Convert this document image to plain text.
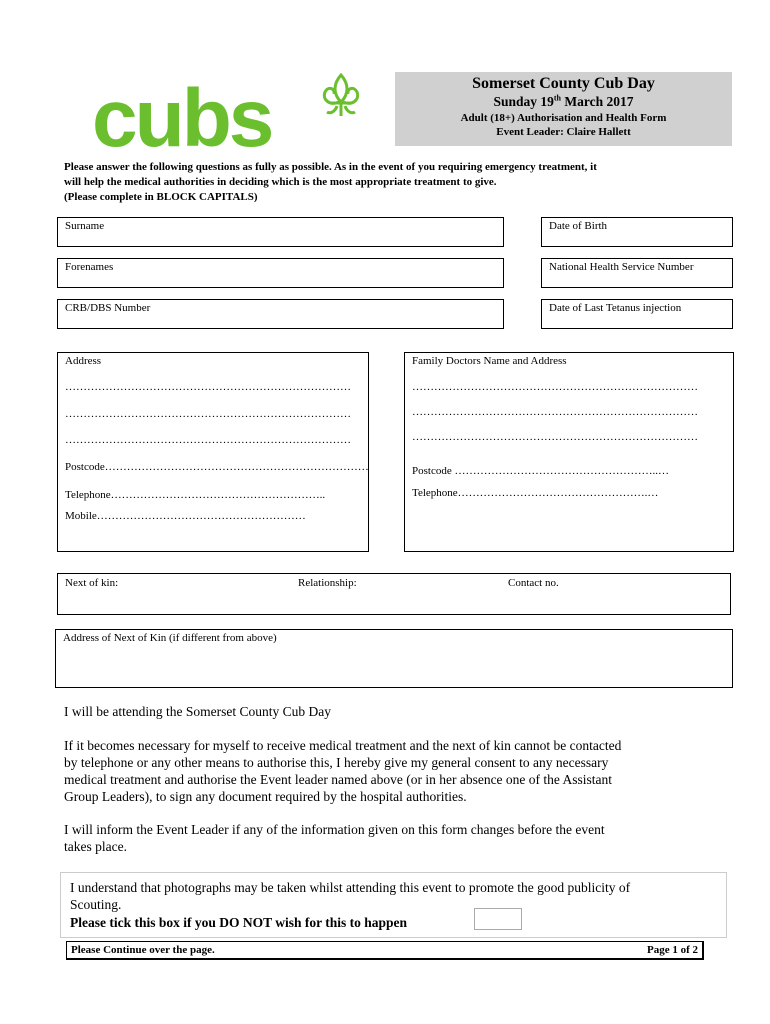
cubs	Somerset County Cub Day
Sunday 19th March 2017
Adult (18+) Authorisation and Health Form
Event Leader: Claire Hallett
Please answer the following questions as fully as possible. As in the event of you requiring emergency treatment, it
will help the medical authorities in deciding which is the most appropriate treatment to give.
(Please complete in BLOCK CAPITALS)
Surname	Date of Birth
Forenames	National Health Service Number
CRB/DBS Number	Date of Last Tetanus injection
Address
……………………………………………………………………
……………………………………………………………………
……………………………………………………………………
Postcode………………………………………………………………
Telephone…………………………………………………..
Mobile…………………………………………………
Family Doctors Name and Address
……………………………………………………………………
……………………………………………………………………
……………………………………………………………………
Postcode ………………………………………………..…
Telephone…………………………………………….…
Next of kin:	Relationship:	Contact no.
Address of Next of Kin (if different from above)
I will be attending the Somerset County Cub Day
If it becomes necessary for myself to receive medical treatment and the next of kin cannot be contacted
by telephone or any other means to authorise this, I hereby give my general consent to any necessary
medical treatment and authorise the Event leader named above (or in her absence one of the Assistant
Group Leaders), to sign any document required by the hospital authorities.
I will inform the Event Leader if any of the information given on this form changes before the event
takes place.
I understand that photographs may be taken whilst attending this event to promote the good publicity of
Scouting.
Please tick this box if you DO NOT wish for this to happen
Please Continue over the page.	Page 1 of 2
